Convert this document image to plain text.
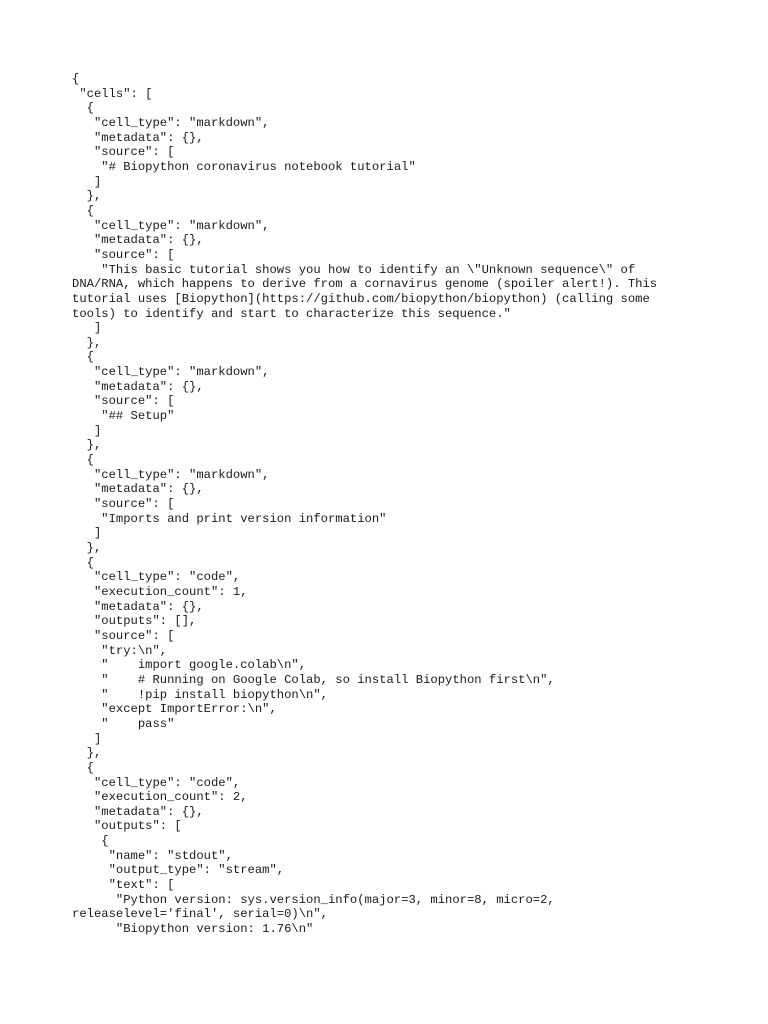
{
"cells": [
{
"cell_type": "markdown",
"metadata": {},
"source": [
"# Biopython coronavirus notebook tutorial"
]
},
{
"cell_type": "markdown",
"metadata": {},
"source": [
"This basic tutorial shows you how to identify an \"Unknown sequence\" of
DNA/RNA, which happens to derive from a cornavirus genome (spoiler alert!). This
tutorial uses [Biopython](https://github.com/biopython/biopython) (calling some
tools) to identify and start to characterize this sequence."
]
},
{
"cell_type": "markdown",
"metadata": {},
"source": [
"## Setup"
]
},
{
"cell_type": "markdown",
"metadata": {},
"source": [
"Imports and print version information"
]
},
{
"cell_type": "code",
"execution_count": 1,
"metadata": {},
"outputs": [],
"source": [
"try:\n",
"    import google.colab\n",
"    # Running on Google Colab, so install Biopython first\n",
"    !pip install biopython\n",
"except ImportError:\n",
"    pass"
]
},
{
"cell_type": "code",
"execution_count": 2,
"metadata": {},
"outputs": [
{
"name": "stdout",
"output_type": "stream",
"text": [
"Python version: sys.version_info(major=3, minor=8, micro=2,
releaselevel='final', serial=0)\n",
"Biopython version: 1.76\n"
